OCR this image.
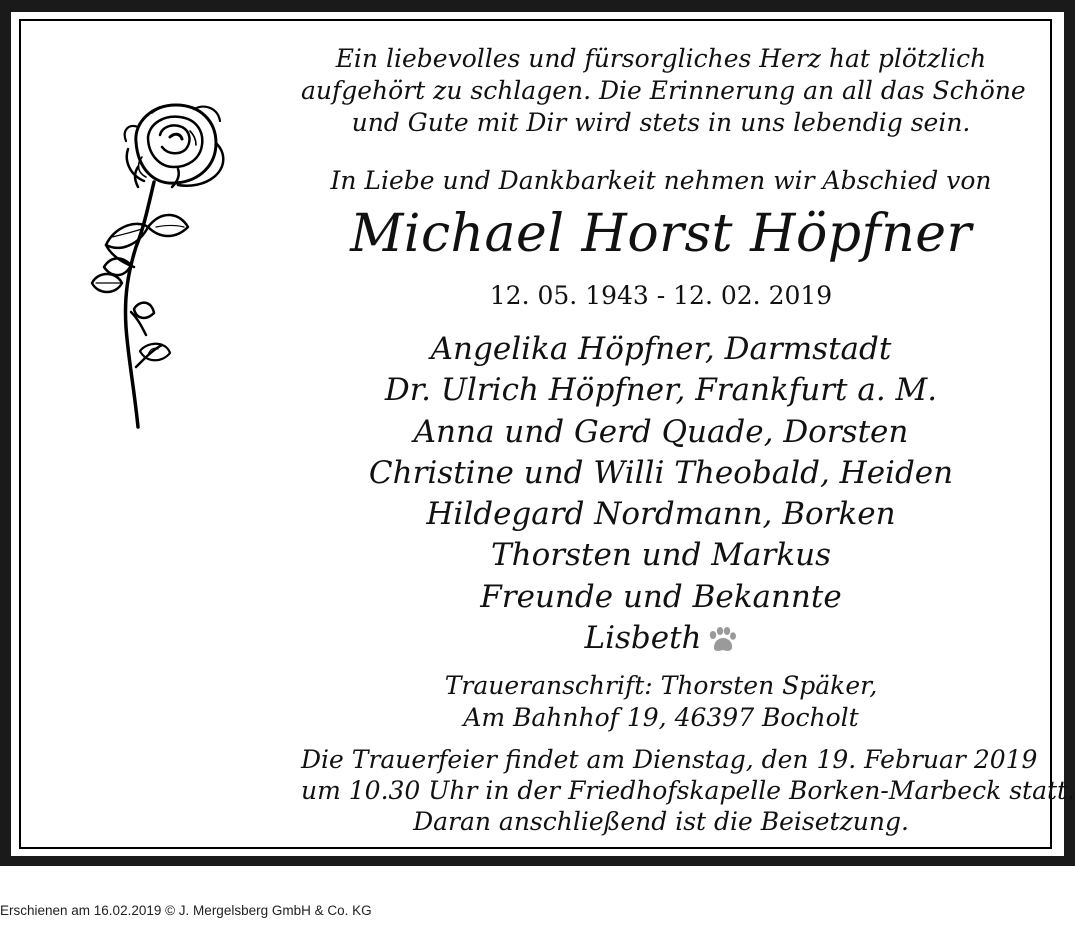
Ein liebevolles und fürsorgliches Herz hat plötzlich
aufgehört zu schlagen. Die Erinnerung an all das Schöne
und Gute mit Dir wird stets in uns lebendig sein.
In Liebe und Dankbarkeit nehmen wir Abschied von
Michael Horst Höpfner
12. 05. 1943 - 12. 02. 2019
Angelika Höpfner, Darmstadt
Dr. Ulrich Höpfner, Frankfurt a. M.
Anna und Gerd Quade, Dorsten
Christine und Willi Theobald, Heiden
Hildegard Nordmann, Borken
Thorsten und Markus
Freunde und Bekannte
Lisbeth
Traueranschrift: Thorsten Späker,
Am Bahnhof 19, 46397 Bocholt
Die Trauerfeier findet am Dienstag, den 19. Februar 2019
um 10.30 Uhr in der Friedhofskapelle Borken-Marbeck statt.
Daran anschließend ist die Beisetzung.
Erschienen am 16.02.2019 © J. Mergelsberg GmbH & Co. KG
